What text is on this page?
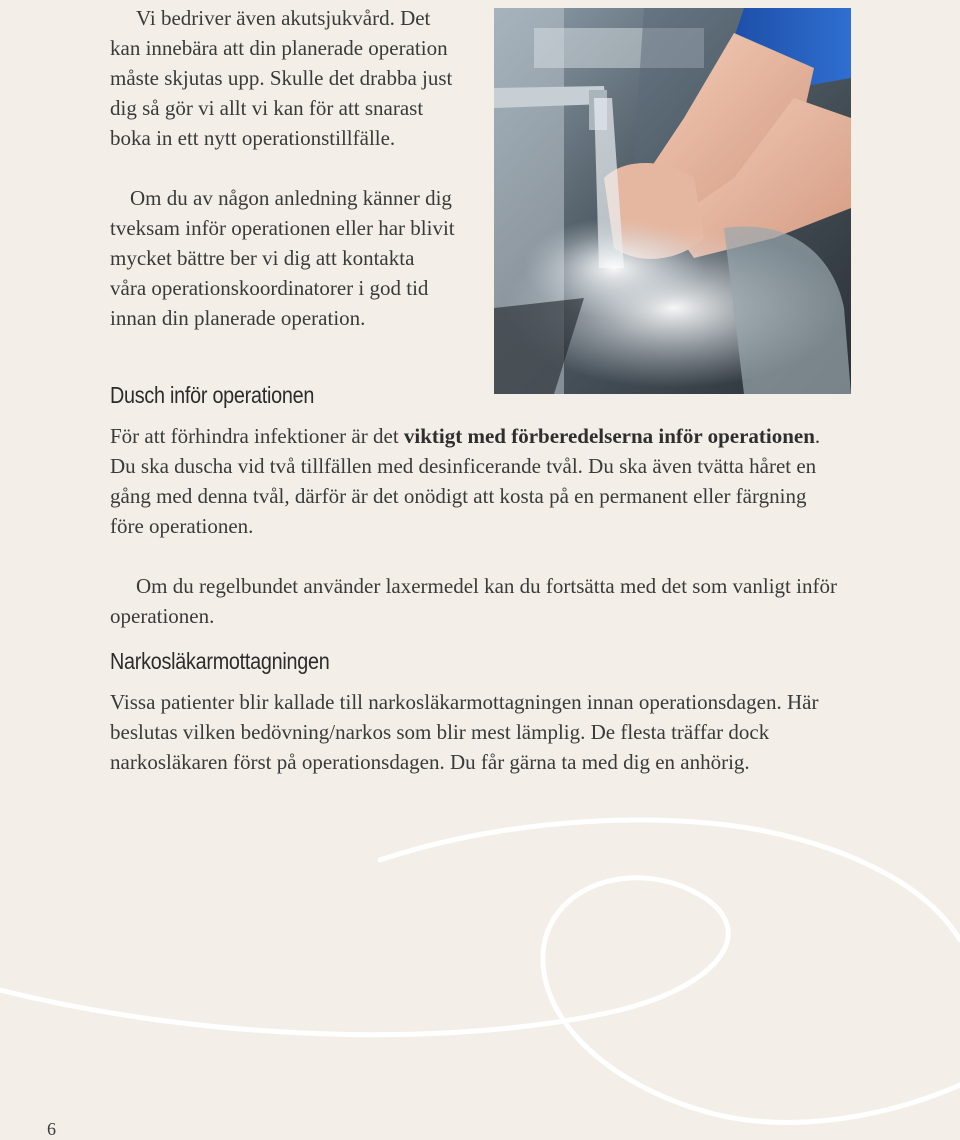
Vi bedriver även akutsjukvård. Det kan innebära att din planerade operation måste skjutas upp. Skulle det drabba just dig så gör vi allt vi kan för att snarast boka in ett nytt operationstillfälle.

Om du av någon anledning känner dig tveksam inför operationen eller har blivit mycket bättre ber vi dig att kontakta våra operationskoordinatorer i god tid innan din planerade operation.

Dusch inför operationen

För att förhindra infektioner är det viktigt med förberedelserna inför operationen. Du ska duscha vid två tillfällen med desinficerande tvål. Du ska även tvätta håret en gång med denna tvål, därför är det onödigt att kosta på en permanent eller färgning före operationen.

Om du regelbundet använder laxermedel kan du fortsätta med det som vanligt inför operationen.

Narkosläkarmottagningen

Vissa patienter blir kallade till narkosläkarmottagningen innan operationsdagen. Här beslutas vilken bedövning/narkos som blir mest lämplig. De flesta träffar dock narkosläkaren först på operationsdagen. Du får gärna ta med dig en anhörig.

6
